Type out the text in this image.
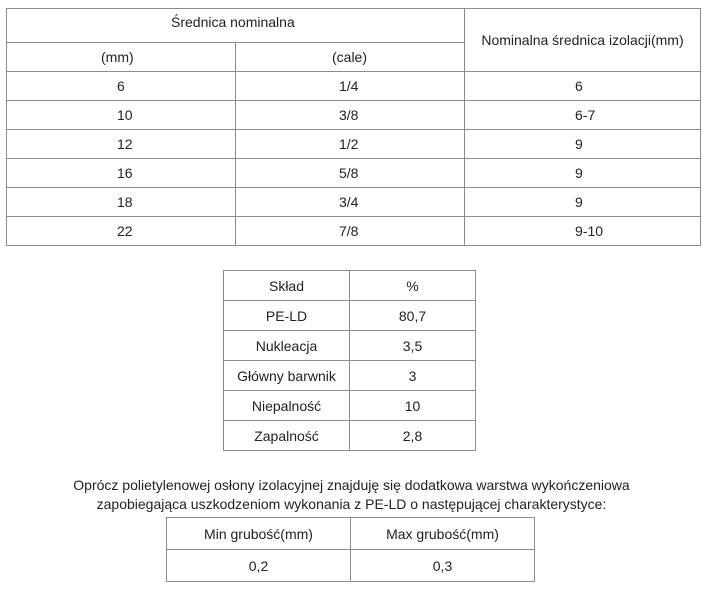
Średnica nominalna		Nominalna średnica izolacji(mm)
(mm)	(cale)	
6	1/4	6
10	3/8	6-7
12	1/2	9
16	5/8	9
18	3/4	9
22	7/8	9-10
Skład	%
PE-LD	80,7
Nukleacja	3,5
Główny barwnik	3
Niepalność	10
Zapalność	2,8
Oprócz polietylenowej osłony izolacyjnej znajduję się dodatkowa warstwa wykończeniowa
zapobiegająca uszkodzeniom wykonania z PE-LD o następującej charakterystyce:
Min grubość(mm)	Max grubość(mm)
0,2	0,3
